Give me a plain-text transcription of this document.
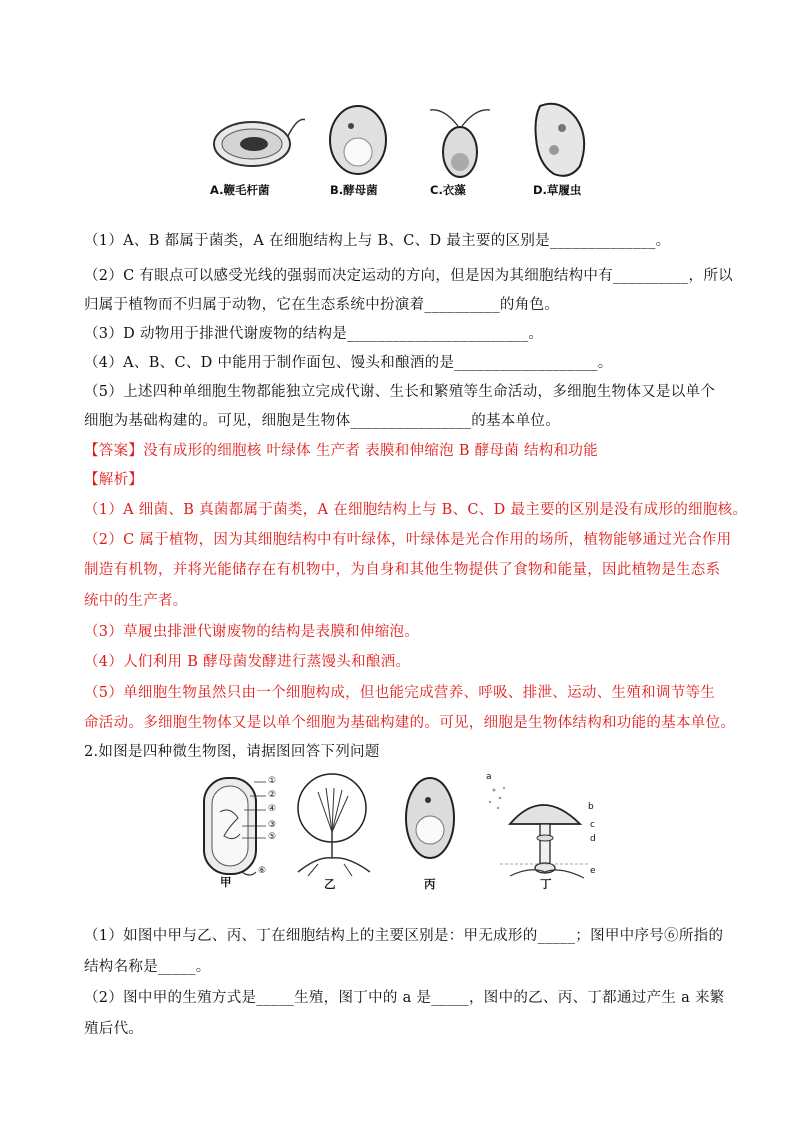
A.鞭毛杆菌	B.酵母菌	C.衣藻	D.草履虫
（1）A、B 都属于菌类，A 在细胞结构上与 B、C、D 最主要的区别是______________。
（2）C 有眼点可以感受光线的强弱而决定运动的方向，但是因为其细胞结构中有__________，所以
归属于植物而不归属于动物，它在生态系统中扮演着__________的角色。
（3）D 动物用于排泄代谢废物的结构是________________________。
（4）A、B、C、D 中能用于制作面包、馒头和酿酒的是___________________。
（5）上述四种单细胞生物都能独立完成代谢、生长和繁殖等生命活动，多细胞生物体又是以单个
细胞为基础构建的。可见，细胞是生物体________________的基本单位。
【答案】没有成形的细胞核 叶绿体 生产者 表膜和伸缩泡 B 酵母菌 结构和功能
【解析】
（1）A 细菌、B 真菌都属于菌类，A 在细胞结构上与 B、C、D 最主要的区别是没有成形的细胞核。
（2）C 属于植物，因为其细胞结构中有叶绿体，叶绿体是光合作用的场所，植物能够通过光合作用
制造有机物，并将光能储存在有机物中，为自身和其他生物提供了食物和能量，因此植物是生态系
统中的生产者。
（3）草履虫排泄代谢废物的结构是表膜和伸缩泡。
（4）人们利用 B 酵母菌发酵进行蒸馒头和酿酒。
（5）单细胞生物虽然只由一个细胞构成，但也能完成营养、呼吸、排泄、运动、生殖和调节等生
命活动。多细胞生物体又是以单个细胞为基础构建的。可见，细胞是生物体结构和功能的基本单位。
2.如图是四种微生物图，请据图回答下列问题
①
②
④
③
⑤
⑥
a
b
c
d
e
甲	乙	丙	丁
（1）如图中甲与乙、丙、丁在细胞结构上的主要区别是：甲无成形的_____；图甲中序号⑥所指的
结构名称是_____。
（2）图中甲的生殖方式是_____生殖，图丁中的 a 是_____，图中的乙、丙、丁都通过产生 a 来繁
殖后代。
